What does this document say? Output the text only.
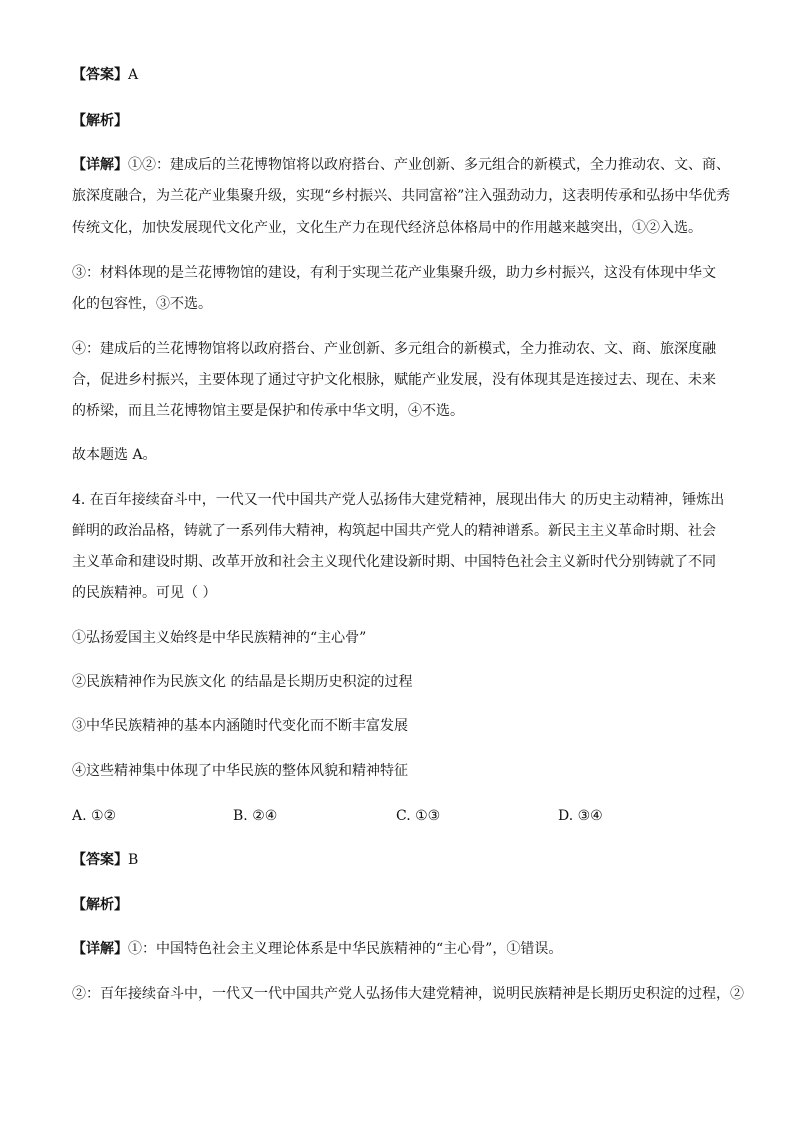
【答案】A
【解析】
【详解】①②：建成后的兰花博物馆将以政府搭台、产业创新、多元组合的新模式，全力推动农、文、商、
旅深度融合，为兰花产业集聚升级，实现“乡村振兴、共同富裕”注入强劲动力，这表明传承和弘扬中华优秀
传统文化，加快发展现代文化产业，文化生产力在现代经济总体格局中的作用越来越突出，①②入选。
③：材料体现的是兰花博物馆的建设，有利于实现兰花产业集聚升级，助力乡村振兴，这没有体现中华文
化的包容性，③不选。
④：建成后的兰花博物馆将以政府搭台、产业创新、多元组合的新模式，全力推动农、文、商、旅深度融
合，促进乡村振兴，主要体现了通过守护文化根脉，赋能产业发展，没有体现其是连接过去、现在、未来
的桥梁，而且兰花博物馆主要是保护和传承中华文明，④不选。
故本题选 A。
4. 在百年接续奋斗中，一代又一代中国共产党人弘扬伟大建党精神，展现出伟大 的历史主动精神，锤炼出
鲜明的政治品格，铸就了一系列伟大精神，构筑起中国共产党人的精神谱系。新民主主义革命时期、社会
主义革命和建设时期、改革开放和社会主义现代化建设新时期、中国特色社会主义新时代分别铸就了不同
的民族精神。可见（ ）
①弘扬爱国主义始终是中华民族精神的“主心骨”
②民族精神作为民族文化 的结晶是长期历史积淀的过程
③中华民族精神的基本内涵随时代变化而不断丰富发展
④这些精神集中体现了中华民族的整体风貌和精神特征
A. ①②	B. ②④	C. ①③	D. ③④
【答案】B
【解析】
【详解】①：中国特色社会主义理论体系是中华民族精神的“主心骨”，①错误。
②：百年接续奋斗中，一代又一代中国共产党人弘扬伟大建党精神，说明民族精神是长期历史积淀的过程，②
